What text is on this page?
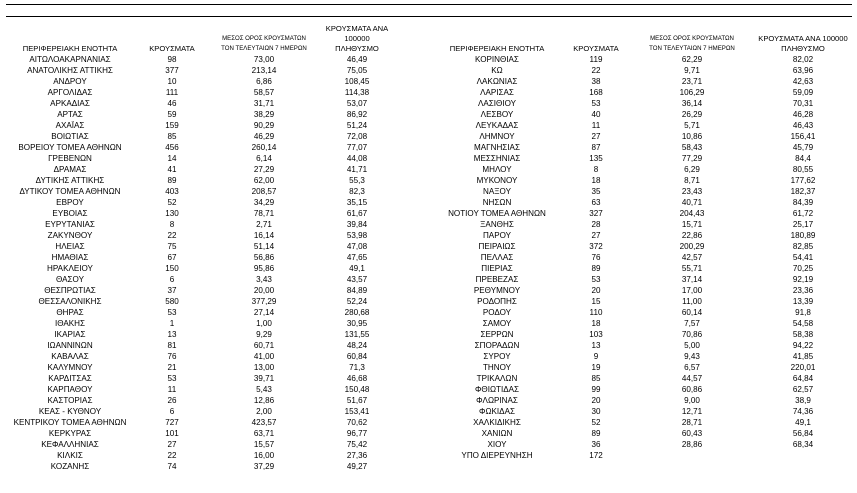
ΠΕΡΙΦΕΡΕΙΑΚΗ ΕΝΟΤΗΤΑ	ΚΡΟΥΣΜΑΤΑ
ΜΕΣΟΣ ΟΡΟΣ ΚΡΟΥΣΜΑΤΩΝ
ΤΟΝ ΤΕΛΕΥΤΑΙΩΝ 7 ΗΜΕΡΩΝ
ΚΡΟΥΣΜΑΤΑ ΑΝΑ 100000
ΠΛΗΘΥΣΜΟ	ΠΕΡΙΦΕΡΕΙΑΚΗ ΕΝΟΤΗΤΑ	ΚΡΟΥΣΜΑΤΑ
ΜΕΣΟΣ ΟΡΟΣ ΚΡΟΥΣΜΑΤΩΝ
ΤΟΝ ΤΕΛΕΥΤΑΙΩΝ 7 ΗΜΕΡΩΝ
ΚΡΟΥΣΜΑΤΑ ΑΝΑ 100000
ΠΛΗΘΥΣΜΟ
ΑΙΤΩΛΟΑΚΑΡΝΑΝΙΑΣ	98	73,00	46,49	ΚΟΡΙΝΘΙΑΣ	119	62,29	82,02
ΑΝΑΤΟΛΙΚΗΣ ΑΤΤΙΚΗΣ	377	213,14	75,05	ΚΩ	22	9,71	63,96
ΑΝΔΡΟΥ	10	6,86	108,45	ΛΑΚΩΝΙΑΣ	38	23,71	42,63
ΑΡΓΟΛΙΔΑΣ	111	58,57	114,38	ΛΑΡΙΣΑΣ	168	106,29	59,09
ΑΡΚΑΔΙΑΣ	46	31,71	53,07	ΛΑΣΙΘΙΟΥ	53	36,14	70,31
ΑΡΤΑΣ	59	38,29	86,92	ΛΕΣΒΟΥ	40	26,29	46,28
ΑΧΑΪΑΣ	159	90,29	51,24	ΛΕΥΚΑΔΑΣ	11	5,71	46,43
ΒΟΙΩΤΙΑΣ	85	46,29	72,08	ΛΗΜΝΟΥ	27	10,86	156,41
ΒΟΡΕΙΟΥ ΤΟΜΕΑ ΑΘΗΝΩΝ	456	260,14	77,07	ΜΑΓΝΗΣΙΑΣ	87	58,43	45,79
ΓΡΕΒΕΝΩΝ	14	6,14	44,08	ΜΕΣΣΗΝΙΑΣ	135	77,29	84,4
ΔΡΑΜΑΣ	41	27,29	41,71	ΜΗΛΟΥ	8	6,29	80,55
ΔΥΤΙΚΗΣ ΑΤΤΙΚΗΣ	89	62,00	55,3	ΜΥΚΟΝΟΥ	18	8,71	177,62
ΔΥΤΙΚΟΥ ΤΟΜΕΑ ΑΘΗΝΩΝ	403	208,57	82,3	ΝΑΞΟΥ	35	23,43	182,37
ΕΒΡΟΥ	52	34,29	35,15	ΝΗΣΩΝ	63	40,71	84,39
ΕΥΒΟΙΑΣ	130	78,71	61,67	ΝΟΤΙΟΥ ΤΟΜΕΑ ΑΘΗΝΩΝ	327	204,43	61,72
ΕΥΡΥΤΑΝΙΑΣ	8	2,71	39,84	ΞΑΝΘΗΣ	28	15,71	25,17
ΖΑΚΥΝΘΟΥ	22	16,14	53,98	ΠΑΡΟΥ	27	22,86	180,89
ΗΛΕΙΑΣ	75	51,14	47,08	ΠΕΙΡΑΙΩΣ	372	200,29	82,85
ΗΜΑΘΙΑΣ	67	56,86	47,65	ΠΕΛΛΑΣ	76	42,57	54,41
ΗΡΑΚΛΕΙΟΥ	150	95,86	49,1	ΠΙΕΡΙΑΣ	89	55,71	70,25
ΘΑΣΟΥ	6	3,43	43,57	ΠΡΕΒΕΖΑΣ	53	37,14	92,19
ΘΕΣΠΡΩΤΙΑΣ	37	20,00	84,89	ΡΕΘΥΜΝΟΥ	20	17,00	23,36
ΘΕΣΣΑΛΟΝΙΚΗΣ	580	377,29	52,24	ΡΟΔΟΠΗΣ	15	11,00	13,39
ΘΗΡΑΣ	53	27,14	280,68	ΡΟΔΟΥ	110	60,14	91,8
ΙΘΑΚΗΣ	1	1,00	30,95	ΣΑΜΟΥ	18	7,57	54,58
ΙΚΑΡΙΑΣ	13	9,29	131,55	ΣΕΡΡΩΝ	103	70,86	58,38
ΙΩΑΝΝΙΝΩΝ	81	60,71	48,24	ΣΠΟΡΑΔΩΝ	13	5,00	94,22
ΚΑΒΑΛΑΣ	76	41,00	60,84	ΣΥΡΟΥ	9	9,43	41,85
ΚΑΛΥΜΝΟΥ	21	13,00	71,3	ΤΗΝΟΥ	19	6,57	220,01
ΚΑΡΔΙΤΣΑΣ	53	39,71	46,68	ΤΡΙΚΑΛΩΝ	85	44,57	64,84
ΚΑΡΠΑΘΟΥ	11	5,43	150,48	ΦΘΙΩΤΙΔΑΣ	99	60,86	62,57
ΚΑΣΤΟΡΙΑΣ	26	12,86	51,67	ΦΛΩΡΙΝΑΣ	20	9,00	38,9
ΚΕΑΣ - ΚΥΘΝΟΥ	6	2,00	153,41	ΦΩΚΙΔΑΣ	30	12,71	74,36
ΚΕΝΤΡΙΚΟΥ ΤΟΜΕΑ ΑΘΗΝΩΝ	727	423,57	70,62	ΧΑΛΚΙΔΙΚΗΣ	52	28,71	49,1
ΚΕΡΚΥΡΑΣ	101	63,71	96,77	ΧΑΝΙΩΝ	89	60,43	56,84
ΚΕΦΑΛΛΗΝΙΑΣ	27	15,57	75,42	ΧΙΟΥ	36	28,86	68,34
ΚΙΛΚΙΣ	22	16,00	27,36	ΥΠΟ ΔΙΕΡΕΥΝΗΣΗ	172
ΚΟΖΑΝΗΣ	74	37,29	49,27
